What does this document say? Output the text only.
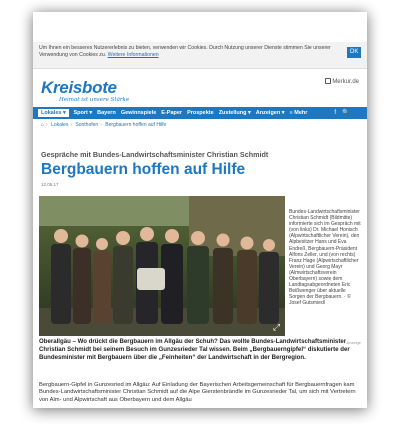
Um Ihnen ein besseres Nutzererlebnis zu bieten, verwenden wir Cookies. Durch Nutzung unserer Dienste stimmen Sie unserer Verwendung von Cookies zu. Weitere Informationen	OK
Kreisbote
Heimat ist unsere Stärke
Merkur.de
Lokales ▾	Sport ▾ Bayern Gewinnspiele E-Paper Prospekte Zustellung ▾ Anzeigen ▾ ≡ Mehr	f 🔍 👤
⌂ › Lokales › Sonthofen › Bergbauern hoffen auf Hilfe
Gespräche mit Bundes-Landwirtschaftsminister Christian Schmidt
Bergbauern hoffen auf Hilfe
12.05.17
⤢
Bundes-Landwirtschaftsminister Christian Schmidt (Bildmitte) informierte sich im Gespräch mit (von links) Dr. Michael Honisch (Alpwirtschaftlicher Verein), den Alpbesitzer Hans und Eva Endreß, Bergbauern-Präsident Alfons Zeller, und (von rechts) Franz Hage (Alpwirtschaftlicher Verein) und Georg Mayr (Almwirtschaftsverein Oberbayern) sowie dem Landtagsabgeordneten Eric Beißwenger über aktuelle Sorgen der Bergbauern. · © Josef Gutsmiedl
Anzeige
Oberallgäu – Wo drückt die Bergbauern im Allgäu der Schuh? Das wollte Bundes-Landwirtschaftsminister Christian Schmidt bei seinem Besuch im Gunzesrieder Tal wissen. Beim „Bergbauerngipfel“ diskutierte der Bundesminister mit Bergbauern über die „Feinheiten“ der Landwirtschaft in der Bergregion.
Bergbauern-Gipfel in Gunzesried im Allgäu: Auf Einladung der Bayerischen Arbeitsgemeinschaft für Bergbauernfragen kam Bundes-Landwirtschaftsminister Christian Schmidt auf die Alpe Gierstenbrändle im Gunzesrieder Tal, um sich mit Vertretern von Alm- und Alpwirtschaft aus Oberbayern und dem Allgäu
